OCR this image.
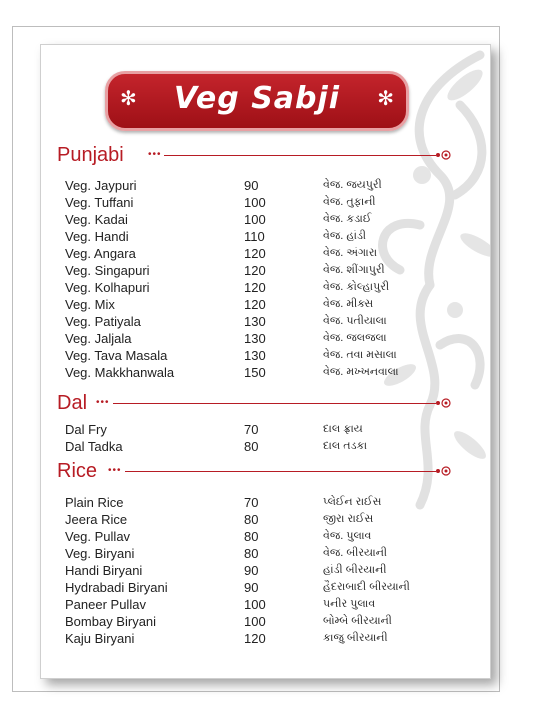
✻	Veg Sabji	✻
Punjabi •••
Veg. Jaypuri	90	વેજ. જયપુરી
Veg. Tuffani	100	વેજ. તુફાની
Veg. Kadai	100	વેજ. કડાઈ
Veg. Handi	110	વેજ. હાંડી
Veg. Angara	120	વેજ. અંગારા
Veg. Singapuri	120	વેજ. શીંગાપુરી
Veg. Kolhapuri	120	વેજ. કોલ્હાપુરી
Veg. Mix	120	વેજ. મીક્સ
Veg. Patiyala	130	વેજ. પતીયાલા
Veg. Jaljala	130	વેજ. જલજલા
Veg. Tava Masala	130	વેજ. તવા મસાલા
Veg. Makkhanwala	150	વેજ. મખ્ખનવાલા
Dal •••
Dal Fry	70	દાલ ફ્રાય
Dal Tadka	80	દાલ તડકા
Rice •••
Plain Rice	70	પ્લેઈન રાઈસ
Jeera Rice	80	જીરા રાઈસ
Veg. Pullav	80	વેજ. પુલાવ
Veg. Biryani	80	વેજ. બીરયાની
Handi Biryani	90	હાંડી બીરયાની
Hydrabadi Biryani	90	હૈદરાબાદી બીરયાની
Paneer Pullav	100	પનીર પુલાવ
Bombay Biryani	100	બોમ્બે બીરયાની
Kaju Biryani	120	કાજુ બીરયાની
